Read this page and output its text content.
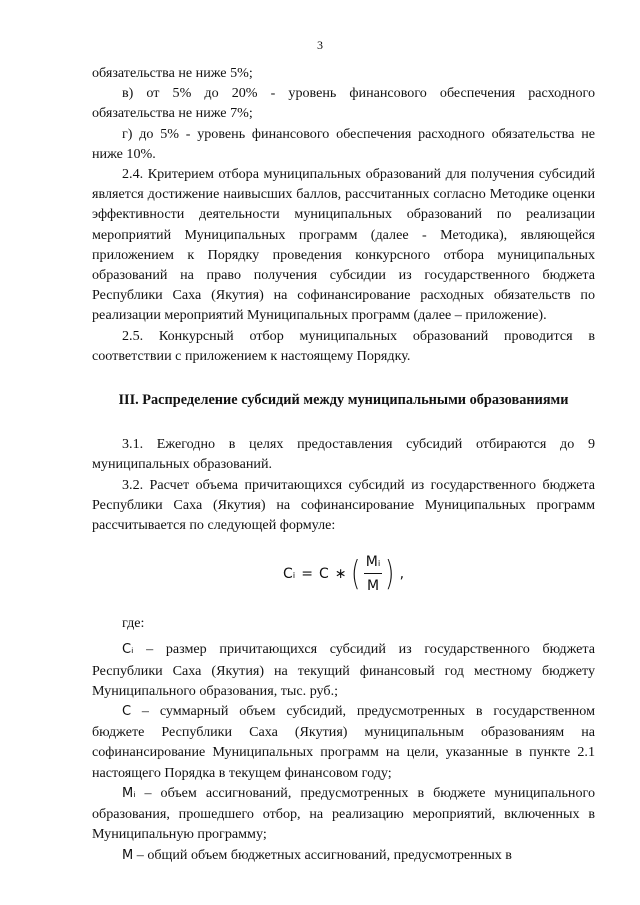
3

обязательства не ниже 5%;

в) от 5% до 20% - уровень финансового обеспечения расходного обязательства не ниже 7%;

г) до 5% - уровень финансового обеспечения расходного обязательства не ниже 10%.

2.4. Критерием отбора муниципальных образований для получения субсидий является достижение наивысших баллов, рассчитанных согласно Методике оценки эффективности деятельности муниципальных образований по реализации мероприятий Муниципальных программ (далее - Методика), являющейся приложением к Порядку проведения конкурсного отбора муниципальных образований на право получения субсидии из государственного бюджета Республики Саха (Якутия) на софинансирование расходных обязательств по реализации мероприятий Муниципальных программ (далее – приложение).

2.5. Конкурсный отбор муниципальных образований проводится в соответствии с приложением к настоящему Порядку.

III. Распределение субсидий между муниципальными образованиями

3.1. Ежегодно в целях предоставления субсидий отбираются до 9 муниципальных образований.

3.2. Расчет объема причитающихся субсидий из государственного бюджета Республики Саха (Якутия) на софинансирование Муниципальных программ рассчитывается по следующей формуле:

Cᵢ = C ∗ ( $\frac{\text{Mᵢ}}{M}$ ) ,

где:

Cᵢ – размер причитающихся субсидий из государственного бюджета Республики Саха (Якутия) на текущий финансовый год местному бюджету Муниципального образования, тыс. руб.;

C – суммарный объем субсидий, предусмотренных в государственном бюджете Республики Саха (Якутия) муниципальным образованиям на софинансирование Муниципальных программ на цели, указанные в пункте 2.1 настоящего Порядка в текущем финансовом году;

Mᵢ – объем ассигнований, предусмотренных в бюджете муниципального образования, прошедшего отбор, на реализацию мероприятий, включенных в Муниципальную программу;

M – общий объем бюджетных ассигнований, предусмотренных в
